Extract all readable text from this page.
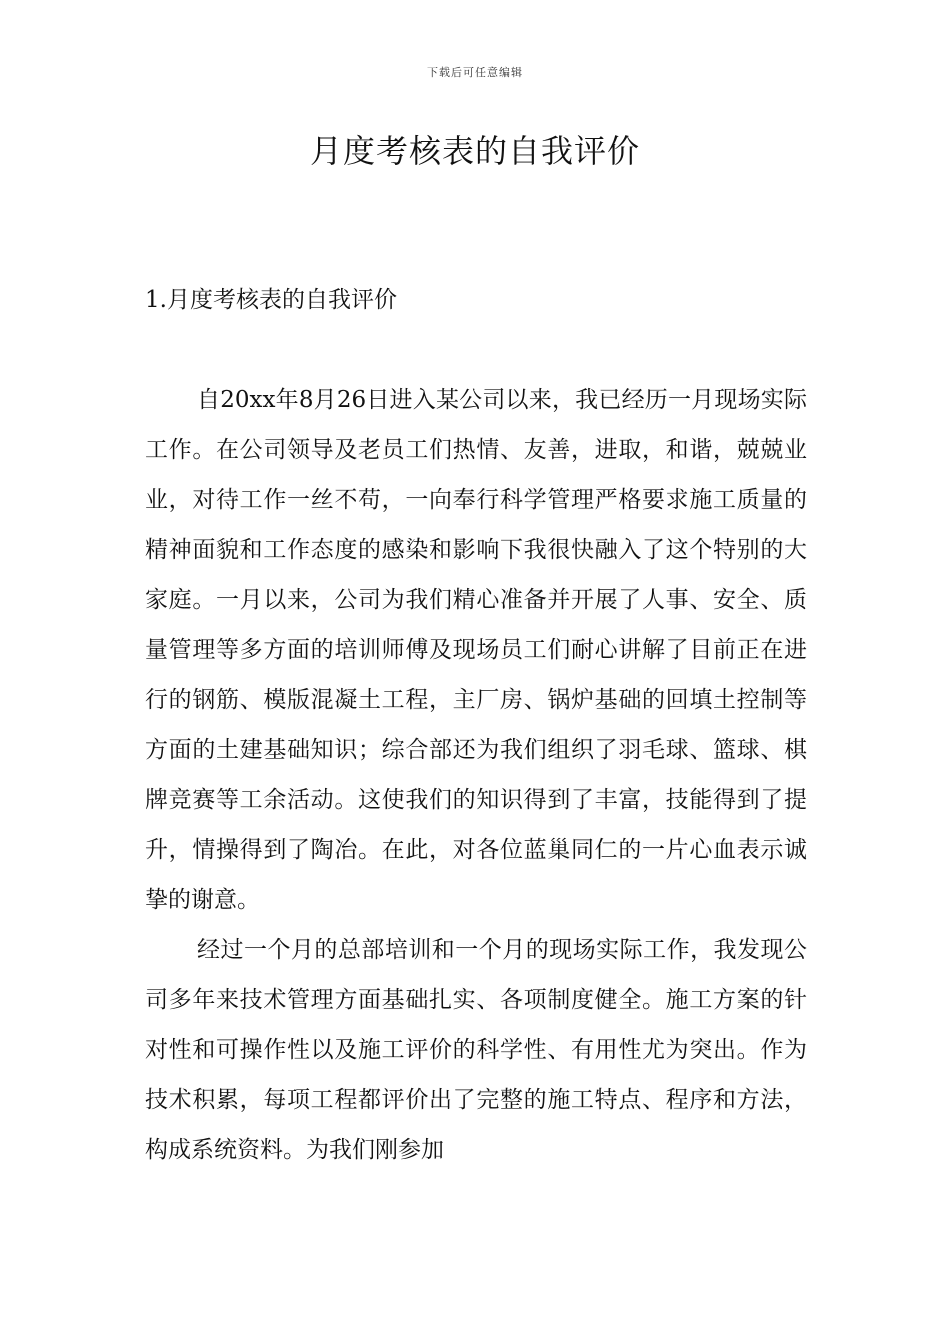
下载后可任意编辑
月度考核表的自我评价
1.月度考核表的自我评价

自20xx年8月26日进入某公司以来，我已经历一月现场实际工作。在公司领导及老员工们热情、友善，进取，和谐，兢兢业业，对待工作一丝不苟，一向奉行科学管理严格要求施工质量的精神面貌和工作态度的感染和影响下我很快融入了这个特别的大家庭。一月以来，公司为我们精心准备并开展了人事、安全、质量管理等多方面的培训师傅及现场员工们耐心讲解了目前正在进行的钢筋、模版混凝土工程，主厂房、锅炉基础的回填土控制等方面的土建基础知识；综合部还为我们组织了羽毛球、篮球、棋牌竞赛等工余活动。这使我们的知识得到了丰富，技能得到了提升，情操得到了陶冶。在此，对各位蓝巢同仁的一片心血表示诚挚的谢意。

经过一个月的总部培训和一个月的现场实际工作，我发现公司多年来技术管理方面基础扎实、各项制度健全。施工方案的针对性和可操作性以及施工评价的科学性、有用性尤为突出。作为技术积累，每项工程都评价出了完整的施工特点、程序和方法，构成系统资料。为我们刚参加
